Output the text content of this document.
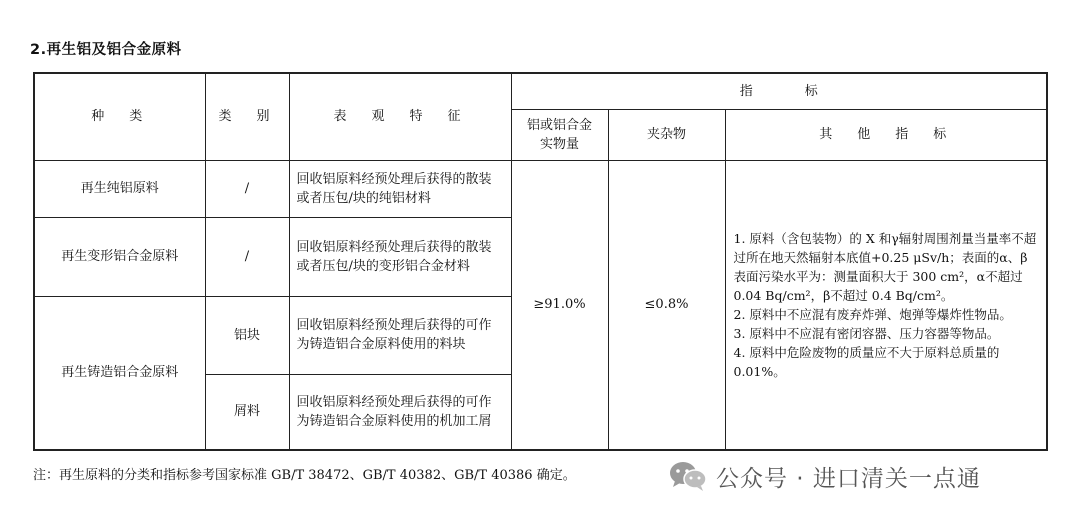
2.再生铝及铝合金原料
种　类	类　别	表　观　特　征	指　　　　标		
			铝或铝合金实物量	夹杂物	其　他　指　标
再生纯铝原料	/	回收铝原料经预处理后获得的散装或者压包/块的纯铝材料	≥91.0%	≤0.8%	1. 原料（含包装物）的 X 和γ辐射周围剂量当量率不超过所在地天然辐射本底值+0.25 μSv/h；表面的α、β表面污染水平为：测量面积大于 300 cm²，α不超过 0.04 Bq/cm²，β不超过 0.4 Bq/cm²。
2. 原料中不应混有废弃炸弹、炮弹等爆炸性物品。
3. 原料中不应混有密闭容器、压力容器等物品。
4. 原料中危险废物的质量应不大于原料总质量的 0.01%。

再生变形铝合金原料	/	回收铝原料经预处理后获得的散装或者压包/块的变形铝合金材料			
再生铸造铝合金原料	铝块	回收铝原料经预处理后获得的可作为铸造铝合金原料使用的料块			
	屑料	回收铝原料经预处理后获得的可作为铸造铝合金原料使用的机加工屑			
注：再生原料的分类和指标参考国家标准 GB/T 38472、GB/T 40382、GB/T 40386 确定。	公众号 · 进口清关一点通
